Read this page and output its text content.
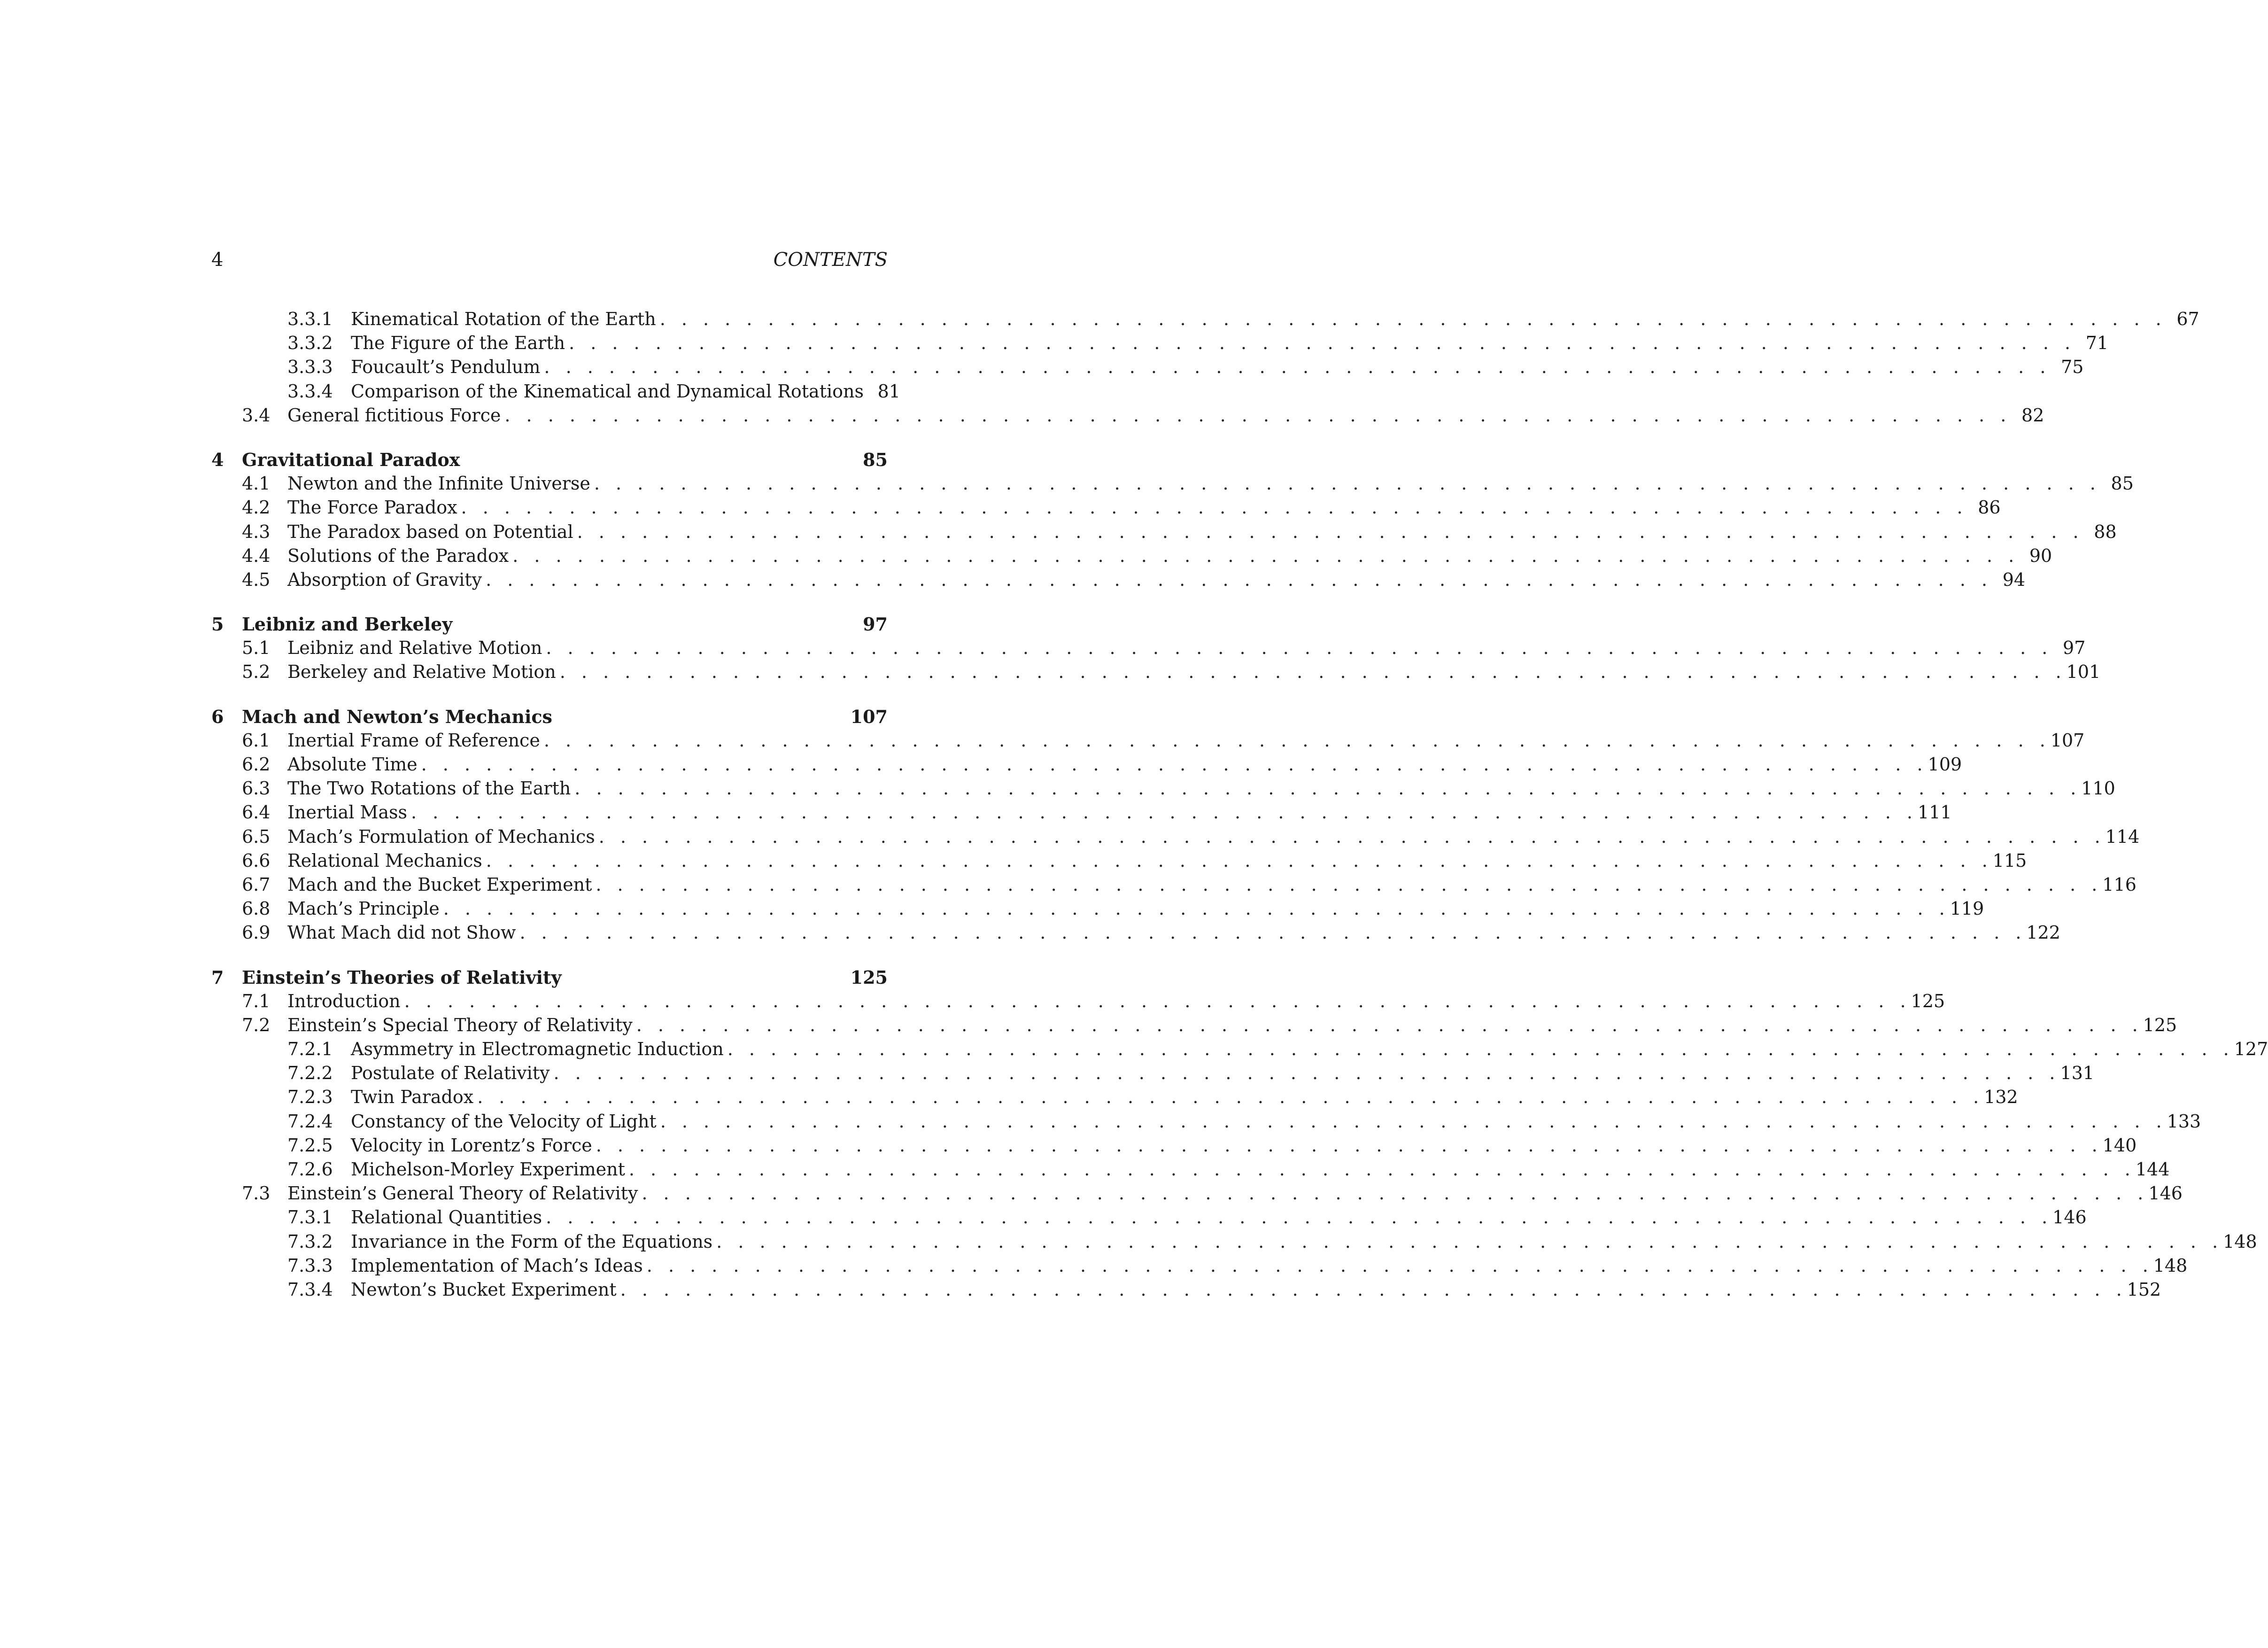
4	CONTENTS
3.3.1 Kinematical Rotation of the Earth . . . . . . . . . . . . . . . . . . . . . . . . . . . . . . . . . . . . . . . . . . . . . . . . . . . . . . . . . . . . . . . . . . . . . . 67
3.3.2 The Figure of the Earth . . . . . . . . . . . . . . . . . . . . . . . . . . . . . . . . . . . . . . . . . . . . . . . . . . . . . . . . . . . . . . . . . . . . . . 71
3.3.3 Foucault’s Pendulum . . . . . . . . . . . . . . . . . . . . . . . . . . . . . . . . . . . . . . . . . . . . . . . . . . . . . . . . . . . . . . . . . . . . . . 75
3.3.4 Comparison of the Kinematical and Dynamical Rotations 81
3.4 General fictitious Force . . . . . . . . . . . . . . . . . . . . . . . . . . . . . . . . . . . . . . . . . . . . . . . . . . . . . . . . . . . . . . . . . . . . . . 82
4 Gravitational Paradox	85
4.1 Newton and the Infinite Universe . . . . . . . . . . . . . . . . . . . . . . . . . . . . . . . . . . . . . . . . . . . . . . . . . . . . . . . . . . . . . . . . . . . . . . 85
4.2 The Force Paradox . . . . . . . . . . . . . . . . . . . . . . . . . . . . . . . . . . . . . . . . . . . . . . . . . . . . . . . . . . . . . . . . . . . . . . 86
4.3 The Paradox based on Potential . . . . . . . . . . . . . . . . . . . . . . . . . . . . . . . . . . . . . . . . . . . . . . . . . . . . . . . . . . . . . . . . . . . . . . 88
4.4 Solutions of the Paradox . . . . . . . . . . . . . . . . . . . . . . . . . . . . . . . . . . . . . . . . . . . . . . . . . . . . . . . . . . . . . . . . . . . . . . 90
4.5 Absorption of Gravity . . . . . . . . . . . . . . . . . . . . . . . . . . . . . . . . . . . . . . . . . . . . . . . . . . . . . . . . . . . . . . . . . . . . . . 94
5 Leibniz and Berkeley	97
5.1 Leibniz and Relative Motion . . . . . . . . . . . . . . . . . . . . . . . . . . . . . . . . . . . . . . . . . . . . . . . . . . . . . . . . . . . . . . . . . . . . . . 97
5.2 Berkeley and Relative Motion . . . . . . . . . . . . . . . . . . . . . . . . . . . . . . . . . . . . . . . . . . . . . . . . . . . . . . . . . . . . . . . . . . . . . . 101
6 Mach and Newton’s Mechanics	107
6.1 Inertial Frame of Reference . . . . . . . . . . . . . . . . . . . . . . . . . . . . . . . . . . . . . . . . . . . . . . . . . . . . . . . . . . . . . . . . . . . . . . 107
6.2 Absolute Time . . . . . . . . . . . . . . . . . . . . . . . . . . . . . . . . . . . . . . . . . . . . . . . . . . . . . . . . . . . . . . . . . . . . . . 109
6.3 The Two Rotations of the Earth . . . . . . . . . . . . . . . . . . . . . . . . . . . . . . . . . . . . . . . . . . . . . . . . . . . . . . . . . . . . . . . . . . . . . . 110
6.4 Inertial Mass . . . . . . . . . . . . . . . . . . . . . . . . . . . . . . . . . . . . . . . . . . . . . . . . . . . . . . . . . . . . . . . . . . . . . . 111
6.5 Mach’s Formulation of Mechanics . . . . . . . . . . . . . . . . . . . . . . . . . . . . . . . . . . . . . . . . . . . . . . . . . . . . . . . . . . . . . . . . . . . . . . 114
6.6 Relational Mechanics . . . . . . . . . . . . . . . . . . . . . . . . . . . . . . . . . . . . . . . . . . . . . . . . . . . . . . . . . . . . . . . . . . . . . . 115
6.7 Mach and the Bucket Experiment . . . . . . . . . . . . . . . . . . . . . . . . . . . . . . . . . . . . . . . . . . . . . . . . . . . . . . . . . . . . . . . . . . . . . . 116
6.8 Mach’s Principle . . . . . . . . . . . . . . . . . . . . . . . . . . . . . . . . . . . . . . . . . . . . . . . . . . . . . . . . . . . . . . . . . . . . . . 119
6.9 What Mach did not Show . . . . . . . . . . . . . . . . . . . . . . . . . . . . . . . . . . . . . . . . . . . . . . . . . . . . . . . . . . . . . . . . . . . . . . 122
7 Einstein’s Theories of Relativity	125
7.1 Introduction . . . . . . . . . . . . . . . . . . . . . . . . . . . . . . . . . . . . . . . . . . . . . . . . . . . . . . . . . . . . . . . . . . . . . . 125
7.2 Einstein’s Special Theory of Relativity . . . . . . . . . . . . . . . . . . . . . . . . . . . . . . . . . . . . . . . . . . . . . . . . . . . . . . . . . . . . . . . . . . . . . . 125
7.2.1 Asymmetry in Electromagnetic Induction . . . . . . . . . . . . . . . . . . . . . . . . . . . . . . . . . . . . . . . . . . . . . . . . . . . . . . . . . . . . . . . . . . . . . . 127
7.2.2 Postulate of Relativity . . . . . . . . . . . . . . . . . . . . . . . . . . . . . . . . . . . . . . . . . . . . . . . . . . . . . . . . . . . . . . . . . . . . . . 131
7.2.3 Twin Paradox . . . . . . . . . . . . . . . . . . . . . . . . . . . . . . . . . . . . . . . . . . . . . . . . . . . . . . . . . . . . . . . . . . . . . . 132
7.2.4 Constancy of the Velocity of Light . . . . . . . . . . . . . . . . . . . . . . . . . . . . . . . . . . . . . . . . . . . . . . . . . . . . . . . . . . . . . . . . . . . . . . 133
7.2.5 Velocity in Lorentz’s Force . . . . . . . . . . . . . . . . . . . . . . . . . . . . . . . . . . . . . . . . . . . . . . . . . . . . . . . . . . . . . . . . . . . . . . 140
7.2.6 Michelson-Morley Experiment . . . . . . . . . . . . . . . . . . . . . . . . . . . . . . . . . . . . . . . . . . . . . . . . . . . . . . . . . . . . . . . . . . . . . . 144
7.3 Einstein’s General Theory of Relativity . . . . . . . . . . . . . . . . . . . . . . . . . . . . . . . . . . . . . . . . . . . . . . . . . . . . . . . . . . . . . . . . . . . . . . 146
7.3.1 Relational Quantities . . . . . . . . . . . . . . . . . . . . . . . . . . . . . . . . . . . . . . . . . . . . . . . . . . . . . . . . . . . . . . . . . . . . . . 146
7.3.2 Invariance in the Form of the Equations . . . . . . . . . . . . . . . . . . . . . . . . . . . . . . . . . . . . . . . . . . . . . . . . . . . . . . . . . . . . . . . . . . . . . . 148
7.3.3 Implementation of Mach’s Ideas . . . . . . . . . . . . . . . . . . . . . . . . . . . . . . . . . . . . . . . . . . . . . . . . . . . . . . . . . . . . . . . . . . . . . . 148
7.3.4 Newton’s Bucket Experiment . . . . . . . . . . . . . . . . . . . . . . . . . . . . . . . . . . . . . . . . . . . . . . . . . . . . . . . . . . . . . . . . . . . . . . 152
